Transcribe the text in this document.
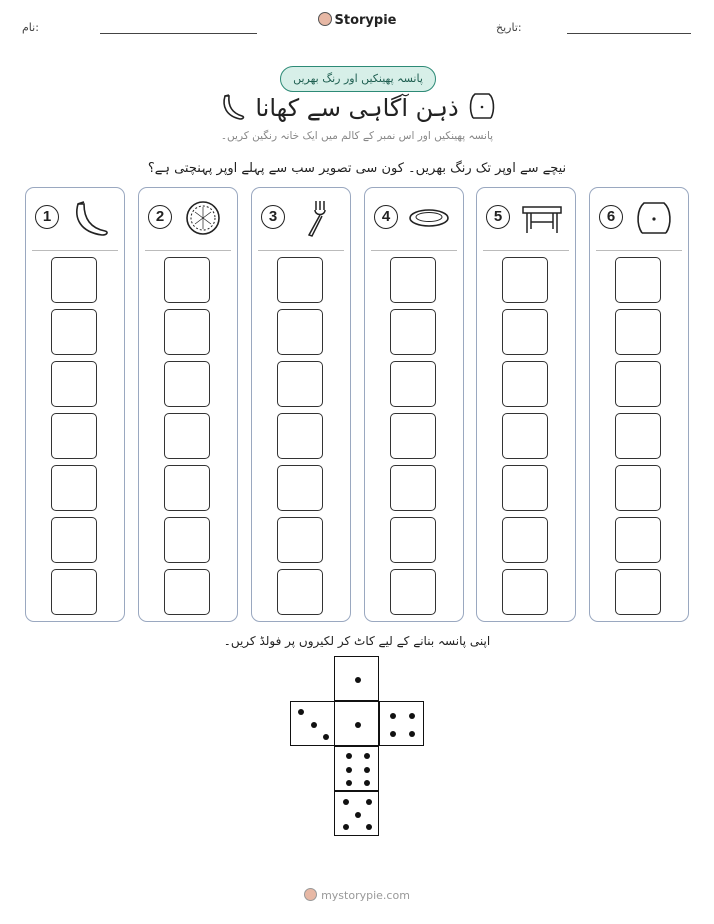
نام:	Storypie	تاریخ:
پانسہ پھینکیں اور رنگ بھریں
ذہن آگاہی سے کھانا
پانسہ پھینکیں اور اس نمبر کے کالم میں ایک خانہ رنگین کریں۔
نیچے سے اوپر تک رنگ بھریں۔ کون سی تصویر سب سے پہلے اوپر پہنچتی ہے؟
1	2	3	4	5	6
اپنی پانسہ بنانے کے لیے کاٹ کر لکیروں پر فولڈ کریں۔
mystorypie.com
